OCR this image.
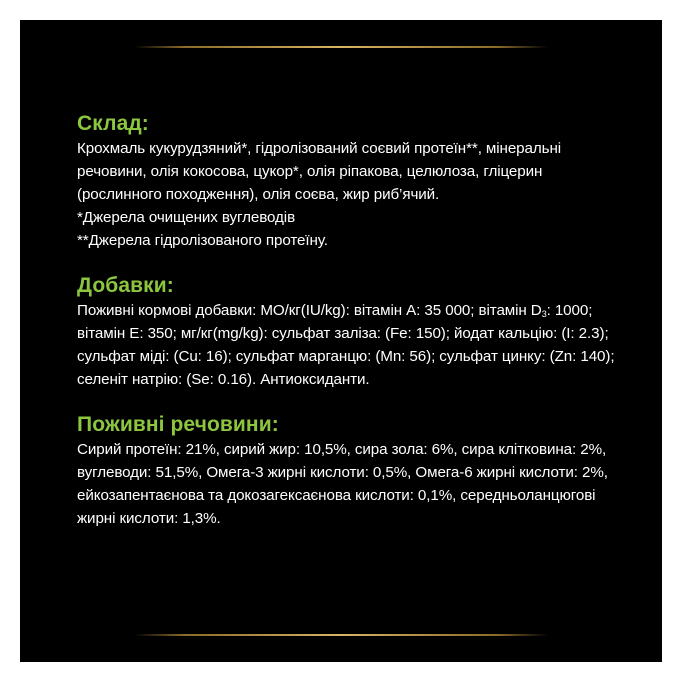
Склад:

Крохмаль кукурудзяний*, гідролізований соєвий протеїн**, мінеральні речовини, олія кокосова, цукор*, олія ріпакова, целюлоза, гліцерин (рослинного походження), олія соєва, жир риб’ячий.

*Джерела очищених вуглеводів

**Джерела гідролізованого протеїну.

Добавки:

Поживні кормові добавки: МО/кг(IU/kg): вітамін А: 35 000; вітамін $D_3$: 1000; вітамін Е: 350; мг/кг(mg/kg): сульфат заліза: (Fe: 150); йодат кальцію: (I: 2.3); сульфат міді: (Cu: 16); сульфат марганцю: (Mn: 56); сульфат цинку: (Zn: 140); селеніт натрію: (Se: 0.16). Антиоксиданти.

Поживні речовини:

Сирий протеїн: 21%, сирий жир: 10,5%, сира зола: 6%, сира клітковина: 2%, вуглеводи: 51,5%, Омега-3 жирні кислоти: 0,5%, Омега-6 жирні кислоти: 2%, ейкозапентаєнова та докозагексаєнова кислоти: 0,1%, середньоланцюгові жирні кислоти: 1,3%.
